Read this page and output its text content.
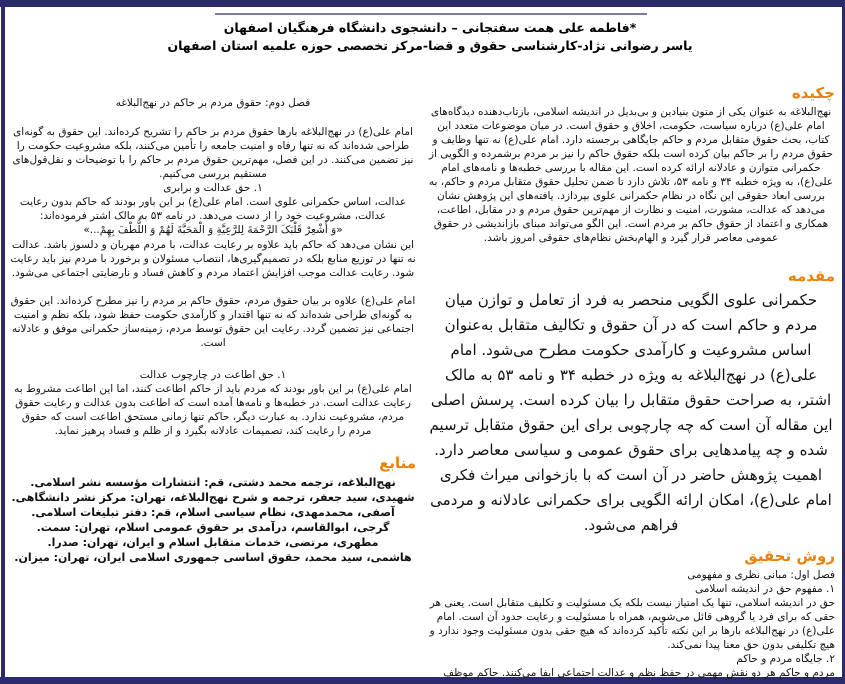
*فاطمه علی همت سفتجانی – دانشجوی دانشگاه فرهنگیان اصفهان
یاسر رضوانی نژاد-کارشناسی حقوق و قضا-مرکز تخصصی حوزه علمیه استان اصفهان
چکیده
نهج‌البلاغه به عنوان یکی از متون بنیادین و بی‌بدیل در اندیشه اسلامی، بازتاب‌دهنده دیدگاه‌های امام علی(ع) درباره سیاست، حکومت، اخلاق و حقوق است. در میان موضوعات متعدد این کتاب، بحث حقوق متقابل مردم و حاکم جایگاهی برجسته دارد. امام علی(ع) نه تنها وظایف و حقوق مردم را بر حاکم بیان کرده است بلکه حقوق حاکم را نیز بر مردم برشمرده و الگویی از حکمرانی متوازن و عادلانه ارائه کرده است. این مقاله با بررسی خطبه‌ها و نامه‌های امام علی(ع)، به ویژه خطبه ۳۴ و نامه ۵۳، تلاش دارد تا ضمن تحلیل حقوق متقابل مردم و حاکم، به بررسی ابعاد حقوقی این نگاه در نظام حکمرانی علوی بپردازد. یافته‌های این پژوهش نشان می‌دهد که عدالت، مشورت، امنیت و نظارت از مهم‌ترین حقوق مردم و در مقابل، اطاعت، همکاری و اعتماد از حقوق حاکم بر مردم است. این الگو می‌تواند مبنای بازاندیشی در حقوق عمومی معاصر قرار گیرد و الهام‌بخش نظام‌های حقوقی امروز باشد.
مقدمه
حکمرانی علوی الگویی منحصر به فرد از تعامل و توازن میان مردم و حاکم است که در آن حقوق و تکالیف متقابل به‌عنوان اساس مشروعیت و کارآمدی حکومت مطرح می‌شود. امام علی(ع) در نهج‌البلاغه به ویژه در خطبه ۳۴ و نامه ۵۳ به مالک اشتر، به صراحت حقوق متقابل را بیان کرده است. پرسش اصلی این مقاله آن است که چه چارچوبی برای این حقوق متقابل ترسیم شده و چه پیامدهایی برای حقوق عمومی و سیاسی معاصر دارد. اهمیت پژوهش حاضر در آن است که با بازخوانی میراث فکری امام علی(ع)، امکان ارائه الگویی برای حکمرانی عادلانه و مردمی فراهم می‌شود.
روش تحقیق
فصل اول: مبانی نظری و مفهومی
۱. مفهوم حق در اندیشه اسلامی
حق در اندیشه اسلامی، تنها یک امتیاز نیست بلکه یک مسئولیت و تکلیف متقابل است. یعنی هر حقی که برای فرد یا گروهی قائل می‌شویم، همراه با مسئولیت و رعایت حدود آن است. امام علی(ع) در نهج‌البلاغه بارها بر این نکته تأکید کرده‌اند که هیچ حقی بدون مسئولیت وجود ندارد و هیچ تکلیفی بدون حق معنا پیدا نمی‌کند.
۲. جایگاه مردم و حاکم
مردم و حاکم هر دو نقش مهمی در حفظ نظم و عدالت اجتماعی ایفا می‌کنند. حاکم موظف
فصل دوم: حقوق مردم بر حاکم در نهج‌البلاغه
امام علی(ع) در نهج‌البلاغه بارها حقوق مردم بر حاکم را تشریح کرده‌اند. این حقوق به گونه‌ای طراحی شده‌اند که نه تنها رفاه و امنیت جامعه را تأمین می‌کنند، بلکه مشروعیت حکومت را نیز تضمین می‌کنند. در این فصل، مهم‌ترین حقوق مردم بر حاکم را با توضیحات و نقل‌قول‌های مستقیم بررسی می‌کنیم.
۱. حق عدالت و برابری
عدالت، اساس حکمرانی علوی است. امام علی(ع) بر این باور بودند که حاکم بدون رعایت عدالت، مشروعیت خود را از دست می‌دهد. در نامه ۵۳ به مالک اشتر فرموده‌اند:
«وَ أَشْعِرْ قَلْبَکَ الرَّحْمَةَ لِلرَّعِیَّةِ وَ الْمَحَبَّةَ لَهُمْ وَ اللُّطْفَ بِهِمْ...»
این نشان می‌دهد که حاکم باید علاوه بر رعایت عدالت، با مردم مهربان و دلسوز باشد. عدالت نه تنها در توزیع منابع بلکه در تصمیم‌گیری‌ها، انتصاب مسئولان و برخورد با مردم نیز باید رعایت شود. رعایت عدالت موجب افزایش اعتماد مردم و کاهش فساد و نارضایتی اجتماعی می‌شود.
امام علی(ع) علاوه بر بیان حقوق مردم، حقوق حاکم بر مردم را نیز مطرح کرده‌اند. این حقوق به گونه‌ای طراحی شده‌اند که نه تنها اقتدار و کارآمدی حکومت حفظ شود، بلکه نظم و امنیت اجتماعی نیز تضمین گردد. رعایت این حقوق توسط مردم، زمینه‌ساز حکمرانی موفق و عادلانه است.
۱. حق اطاعت در چارچوب عدالت
امام علی(ع) بر این باور بودند که مردم باید از حاکم اطاعت کنند، اما این اطاعت مشروط به رعایت عدالت است. در خطبه‌ها و نامه‌ها آمده است که اطاعت بدون عدالت و رعایت حقوق مردم، مشروعیت ندارد. به عبارت دیگر، حاکم تنها زمانی مستحق اطاعت است که حقوق مردم را رعایت کند، تصمیمات عادلانه بگیرد و از ظلم و فساد پرهیز نماید.
منابع
نهج‌البلاغه، ترجمه محمد دشتی، قم: انتشارات مؤسسه نشر اسلامی.
شهیدی، سید جعفر، ترجمه و شرح نهج‌البلاغه، تهران: مرکز نشر دانشگاهی.
آصفی، محمدمهدی، نظام سیاسی اسلام، قم: دفتر تبلیغات اسلامی.
گرجی، ابوالقاسم، درآمدی بر حقوق عمومی اسلام، تهران: سمت.
مطهری، مرتضی، خدمات متقابل اسلام و ایران، تهران: صدرا.
هاشمی، سید محمد، حقوق اساسی جمهوری اسلامی ایران، تهران: میزان.
